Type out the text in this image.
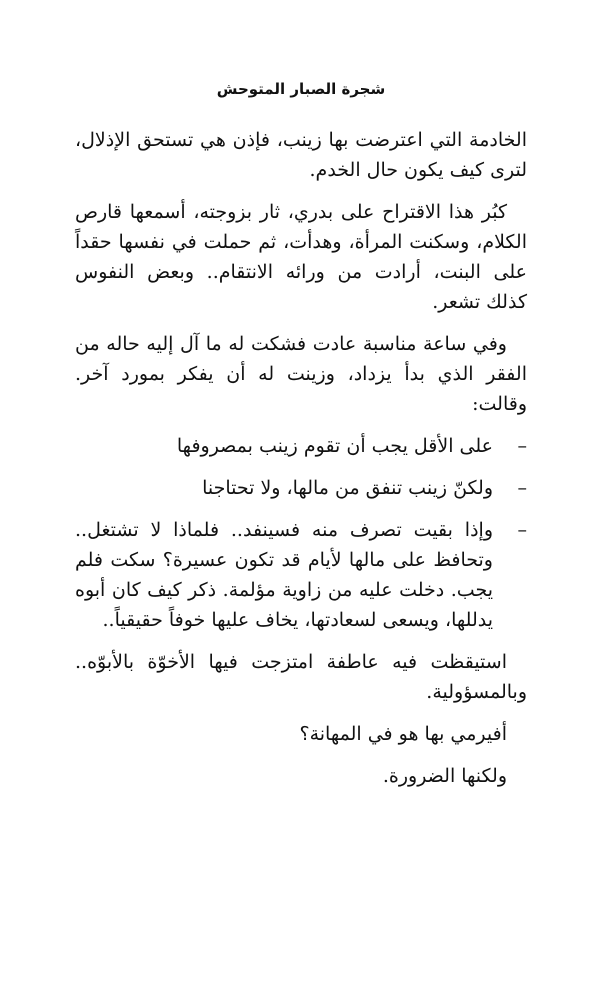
شجرة الصبار المتوحش

الخادمة التي اعترضت بها زينب، فإذن هي تستحق الإذلال، لترى كيف يكون حال الخدم.

كبُر هذا الاقتراح على بدري، ثار بزوجته، أسمعها قارص الكلام، وسكنت المرأة، وهدأت، ثم حملت في نفسها حقداً على البنت، أرادت من ورائه الانتقام.. وبعض النفوس كذلك تشعر.

وفي ساعة مناسبة عادت فشكت له ما آل إليه حاله من الفقر الذي بدأ يزداد، وزينت له أن يفكر بمورد آخر. وقالت:

–
على الأقل يجب أن تقوم زينب بمصروفها
–
ولكنّ زينب تنفق من مالها، ولا تحتاجنا
–
وإذا بقيت تصرف منه فسينفد.. فلماذا لا تشتغل.. وتحافظ على مالها لأيام قد تكون عسيرة؟ سكت فلم يجب. دخلت عليه من زاوية مؤلمة. ذكر كيف كان أبوه يدللها، ويسعى لسعادتها، يخاف عليها خوفاً حقيقياً..

استيقظت فيه عاطفة امتزجت فيها الأخوّة بالأبوّه.. وبالمسؤولية.

أفيرمي بها هو في المهانة؟

ولكنها الضرورة.
